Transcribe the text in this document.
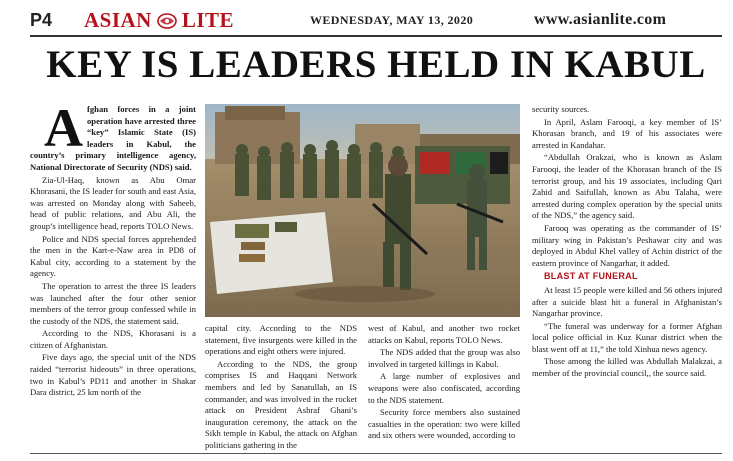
P4 ASIAN LITE	WEDNESDAY, MAY 13, 2020	www.asianlite.com
KEY IS LEADERS HELD IN KABUL

Afghan forces in a joint operation have arrested three “key” Islamic State (IS) leaders in Kabul, the country’s primary intelligence agency, National Directorate of Security (NDS) said.

Zia-Ul-Haq, known as Abu Omar Khorasani, the IS leader for south and east Asia, was arrested on Monday along with Saheeb, head of public relations, and Abu Ali, the group’s intelligence head, reports TOLO News.

Police and NDS special forces apprehended the men in the Kart-e-Naw area in PD8 of Kabul city, according to a statement by the agency.

The operation to arrest the three IS leaders was launched after the four other senior members of the terror group confessed while in the custody of the NDS, the statement said.

According to the NDS, Khorasani is a citizen of Afghanistan.

Five days ago, the special unit of the NDS raided “terrorist hideouts” in three operations, two in Kabul’s PD11 and another in Shakar Dara district, 25 km north of the

capital city. According to the NDS statement, five insurgents were killed in the operations and eight others were injured.

According to the NDS, the group comprises IS and Haqqani Network members and led by Sanatullah, an IS commander, and was involved in the rocket attack on President Ashraf Ghani’s inauguration ceremony, the attack on the Sikh temple in Kabul, the attack on Afghan politicians gathering in the

west of Kabul, and another two rocket attacks on Kabul, reports TOLO News.

The NDS added that the group was also involved in targeted killings in Kabul.

A large number of explosives and weapons were also confiscated, according to the NDS statement.

Security force members also sustained casualties in the operation: two were killed and six others were wounded, according to

security sources.

In April, Aslam Farooqi, a key member of IS’ Khorasan branch, and 19 of his associates were arrested in Kandahar.

“Abdullah Orakzai, who is known as Aslam Farooqi, the leader of the Khorasan branch of the IS terrorist group, and his 19 associates, including Qari Zahid and Saifullah, known as Abu Talaha, were arrested during complex operation by the special units of the NDS,” the agency said.

Farooq was operating as the commander of IS’ military wing in Pakistan’s Peshawar city and was deployed in Abdul Khel valley of Achin district of the eastern province of Nangarhar, it added.

BLAST AT FUNERAL

At least 15 people were killed and 56 others injured after a suicide blast hit a funeral in Afghanistan’s Nangarhar province.

“The funeral was underway for a former Afghan local police official in Kuz Kunar district when the blast went off at 11,” the told Xinhua news agency.

Those among the killed was Abdullah Malakzai, a member of the provincial council,, the source said.
